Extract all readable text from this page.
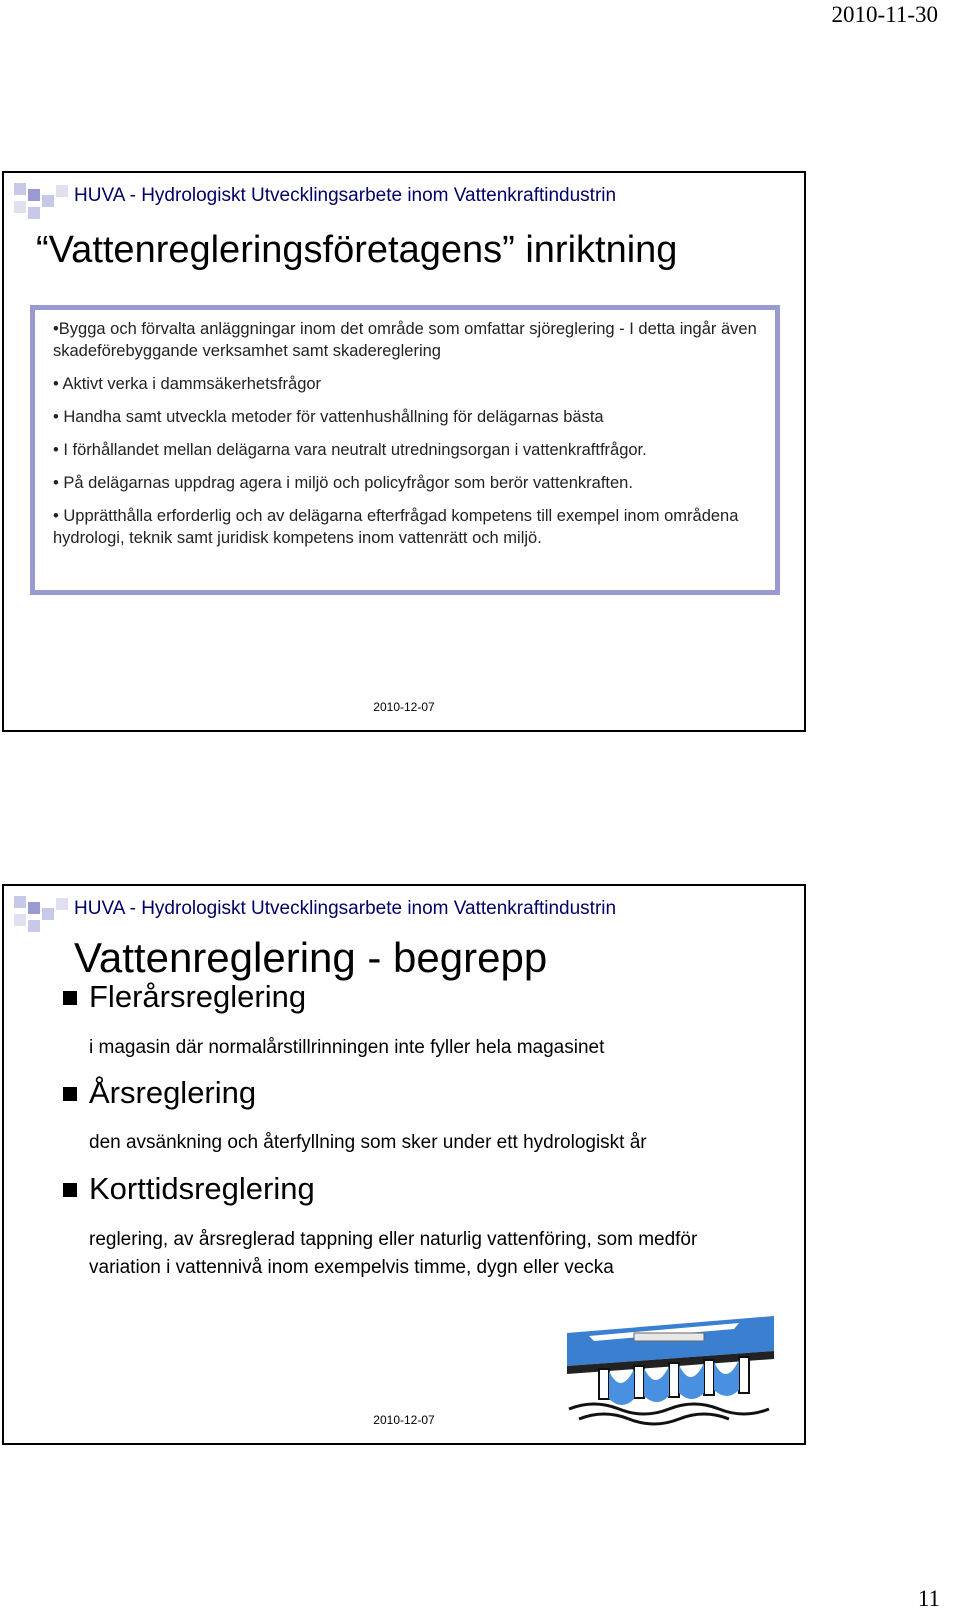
2010-11-30
HUVA - Hydrologiskt Utvecklingsarbete inom Vattenkraftindustrin
“Vattenregleringsföretagens” inriktning

•Bygga och förvalta anläggningar inom det område som omfattar sjöreglering - I detta ingår även skadeförebyggande verksamhet samt skadereglering

• Aktivt verka i dammsäkerhetsfrågor

• Handha samt utveckla metoder för vattenhushållning för delägarnas bästa

• I förhållandet mellan delägarna vara neutralt utredningsorgan i vattenkraftfrågor.

• På delägarnas uppdrag agera i miljö och policyfrågor som berör vattenkraften.

• Upprätthålla erforderlig och av delägarna efterfrågad kompetens till exempel inom områdena hydrologi, teknik samt juridisk kompetens inom vattenrätt och miljö.

2010-12-07
HUVA - Hydrologiskt Utvecklingsarbete inom Vattenkraftindustrin
Vattenreglering - begrepp
Flerårsreglering
i magasin där normalårstillrinningen inte fyller hela magasinet
Årsreglering
den avsänkning och återfyllning som sker under ett hydrologiskt år
Korttidsreglering
reglering, av årsreglerad tappning eller naturlig vattenföring, som medför variation i vattennivå inom exempelvis timme, dygn eller vecka
2010-12-07
11
